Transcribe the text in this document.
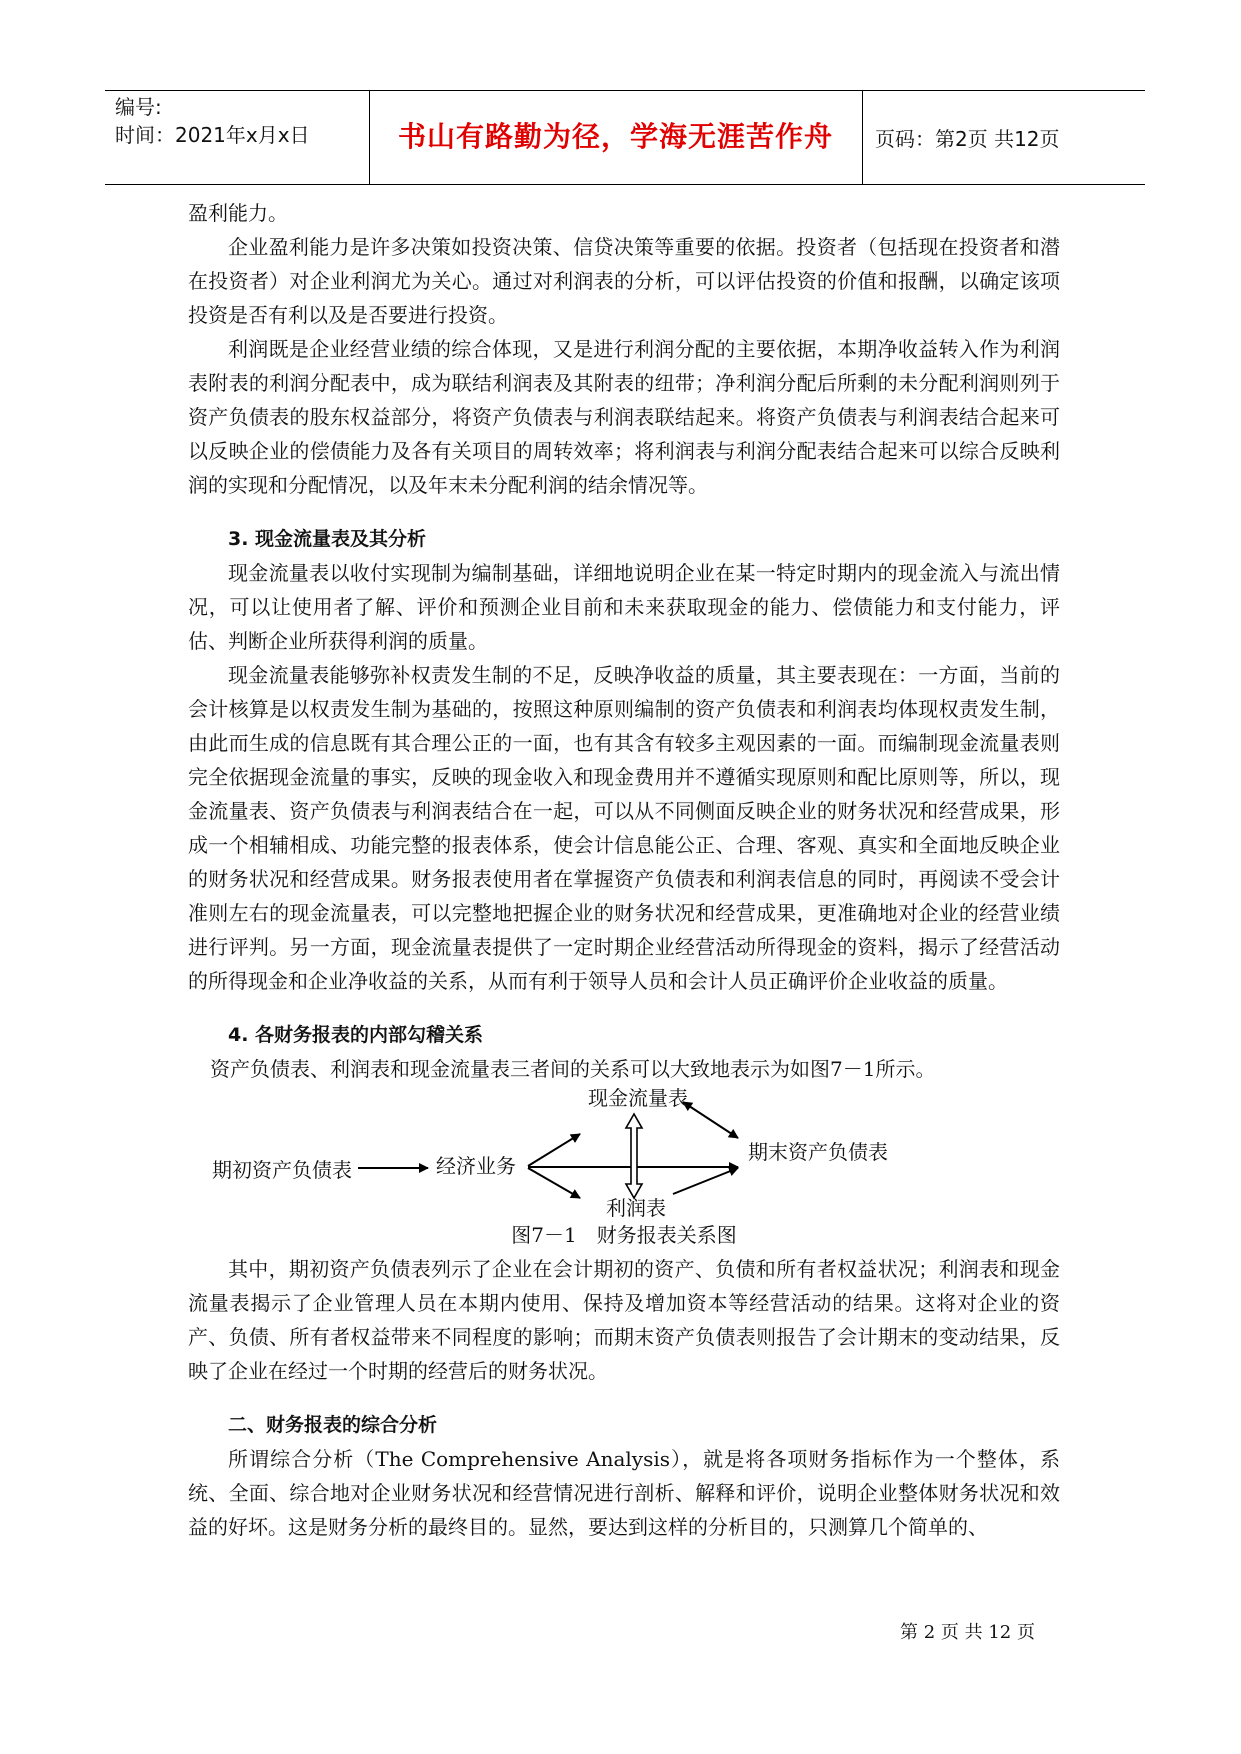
编号:
时间：2021年x月x日	书山有路勤为径，学海无涯苦作舟	页码：第2页 共12页

盈利能力。

企业盈利能力是许多决策如投资决策、信贷决策等重要的依据。投资者（包括现在投资者和潜在投资者）对企业利润尤为关心。通过对利润表的分析，可以评估投资的价值和报酬，以确定该项投资是否有利以及是否要进行投资。

利润既是企业经营业绩的综合体现，又是进行利润分配的主要依据，本期净收益转入作为利润表附表的利润分配表中，成为联结利润表及其附表的纽带；净利润分配后所剩的未分配利润则列于资产负债表的股东权益部分，将资产负债表与利润表联结起来。将资产负债表与利润表结合起来可以反映企业的偿债能力及各有关项目的周转效率；将利润表与利润分配表结合起来可以综合反映利润的实现和分配情况，以及年末未分配利润的结余情况等。

3. 现金流量表及其分析

现金流量表以收付实现制为编制基础，详细地说明企业在某一特定时期内的现金流入与流出情况，可以让使用者了解、评价和预测企业目前和未来获取现金的能力、偿债能力和支付能力，评估、判断企业所获得利润的质量。

现金流量表能够弥补权责发生制的不足，反映净收益的质量，其主要表现在：一方面，当前的会计核算是以权责发生制为基础的，按照这种原则编制的资产负债表和利润表均体现权责发生制，由此而生成的信息既有其合理公正的一面，也有其含有较多主观因素的一面。而编制现金流量表则完全依据现金流量的事实，反映的现金收入和现金费用并不遵循实现原则和配比原则等，所以，现金流量表、资产负债表与利润表结合在一起，可以从不同侧面反映企业的财务状况和经营成果，形成一个相辅相成、功能完整的报表体系，使会计信息能公正、合理、客观、真实和全面地反映企业的财务状况和经营成果。财务报表使用者在掌握资产负债表和利润表信息的同时，再阅读不受会计准则左右的现金流量表，可以完整地把握企业的财务状况和经营成果，更准确地对企业的经营业绩进行评判。另一方面，现金流量表提供了一定时期企业经营活动所得现金的资料，揭示了经营活动的所得现金和企业净收益的关系，从而有利于领导人员和会计人员正确评价企业收益的质量。

4. 各财务报表的内部勾稽关系

资产负债表、利润表和现金流量表三者间的关系可以大致地表示为如图7－1所示。

期初资产负债表	经济业务
现金流量表
利润表
期末资产负债表

图7－1　财务报表关系图

其中，期初资产负债表列示了企业在会计期初的资产、负债和所有者权益状况；利润表和现金流量表揭示了企业管理人员在本期内使用、保持及增加资本等经营活动的结果。这将对企业的资产、负债、所有者权益带来不同程度的影响；而期末资产负债表则报告了会计期末的变动结果，反映了企业在经过一个时期的经营后的财务状况。

二、财务报表的综合分析

所谓综合分析（The Comprehensive Analysis），就是将各项财务指标作为一个整体，系统、全面、综合地对企业财务状况和经营情况进行剖析、解释和评价，说明企业整体财务状况和效益的好坏。这是财务分析的最终目的。显然，要达到这样的分析目的，只测算几个简单的、

第 2 页 共 12 页
